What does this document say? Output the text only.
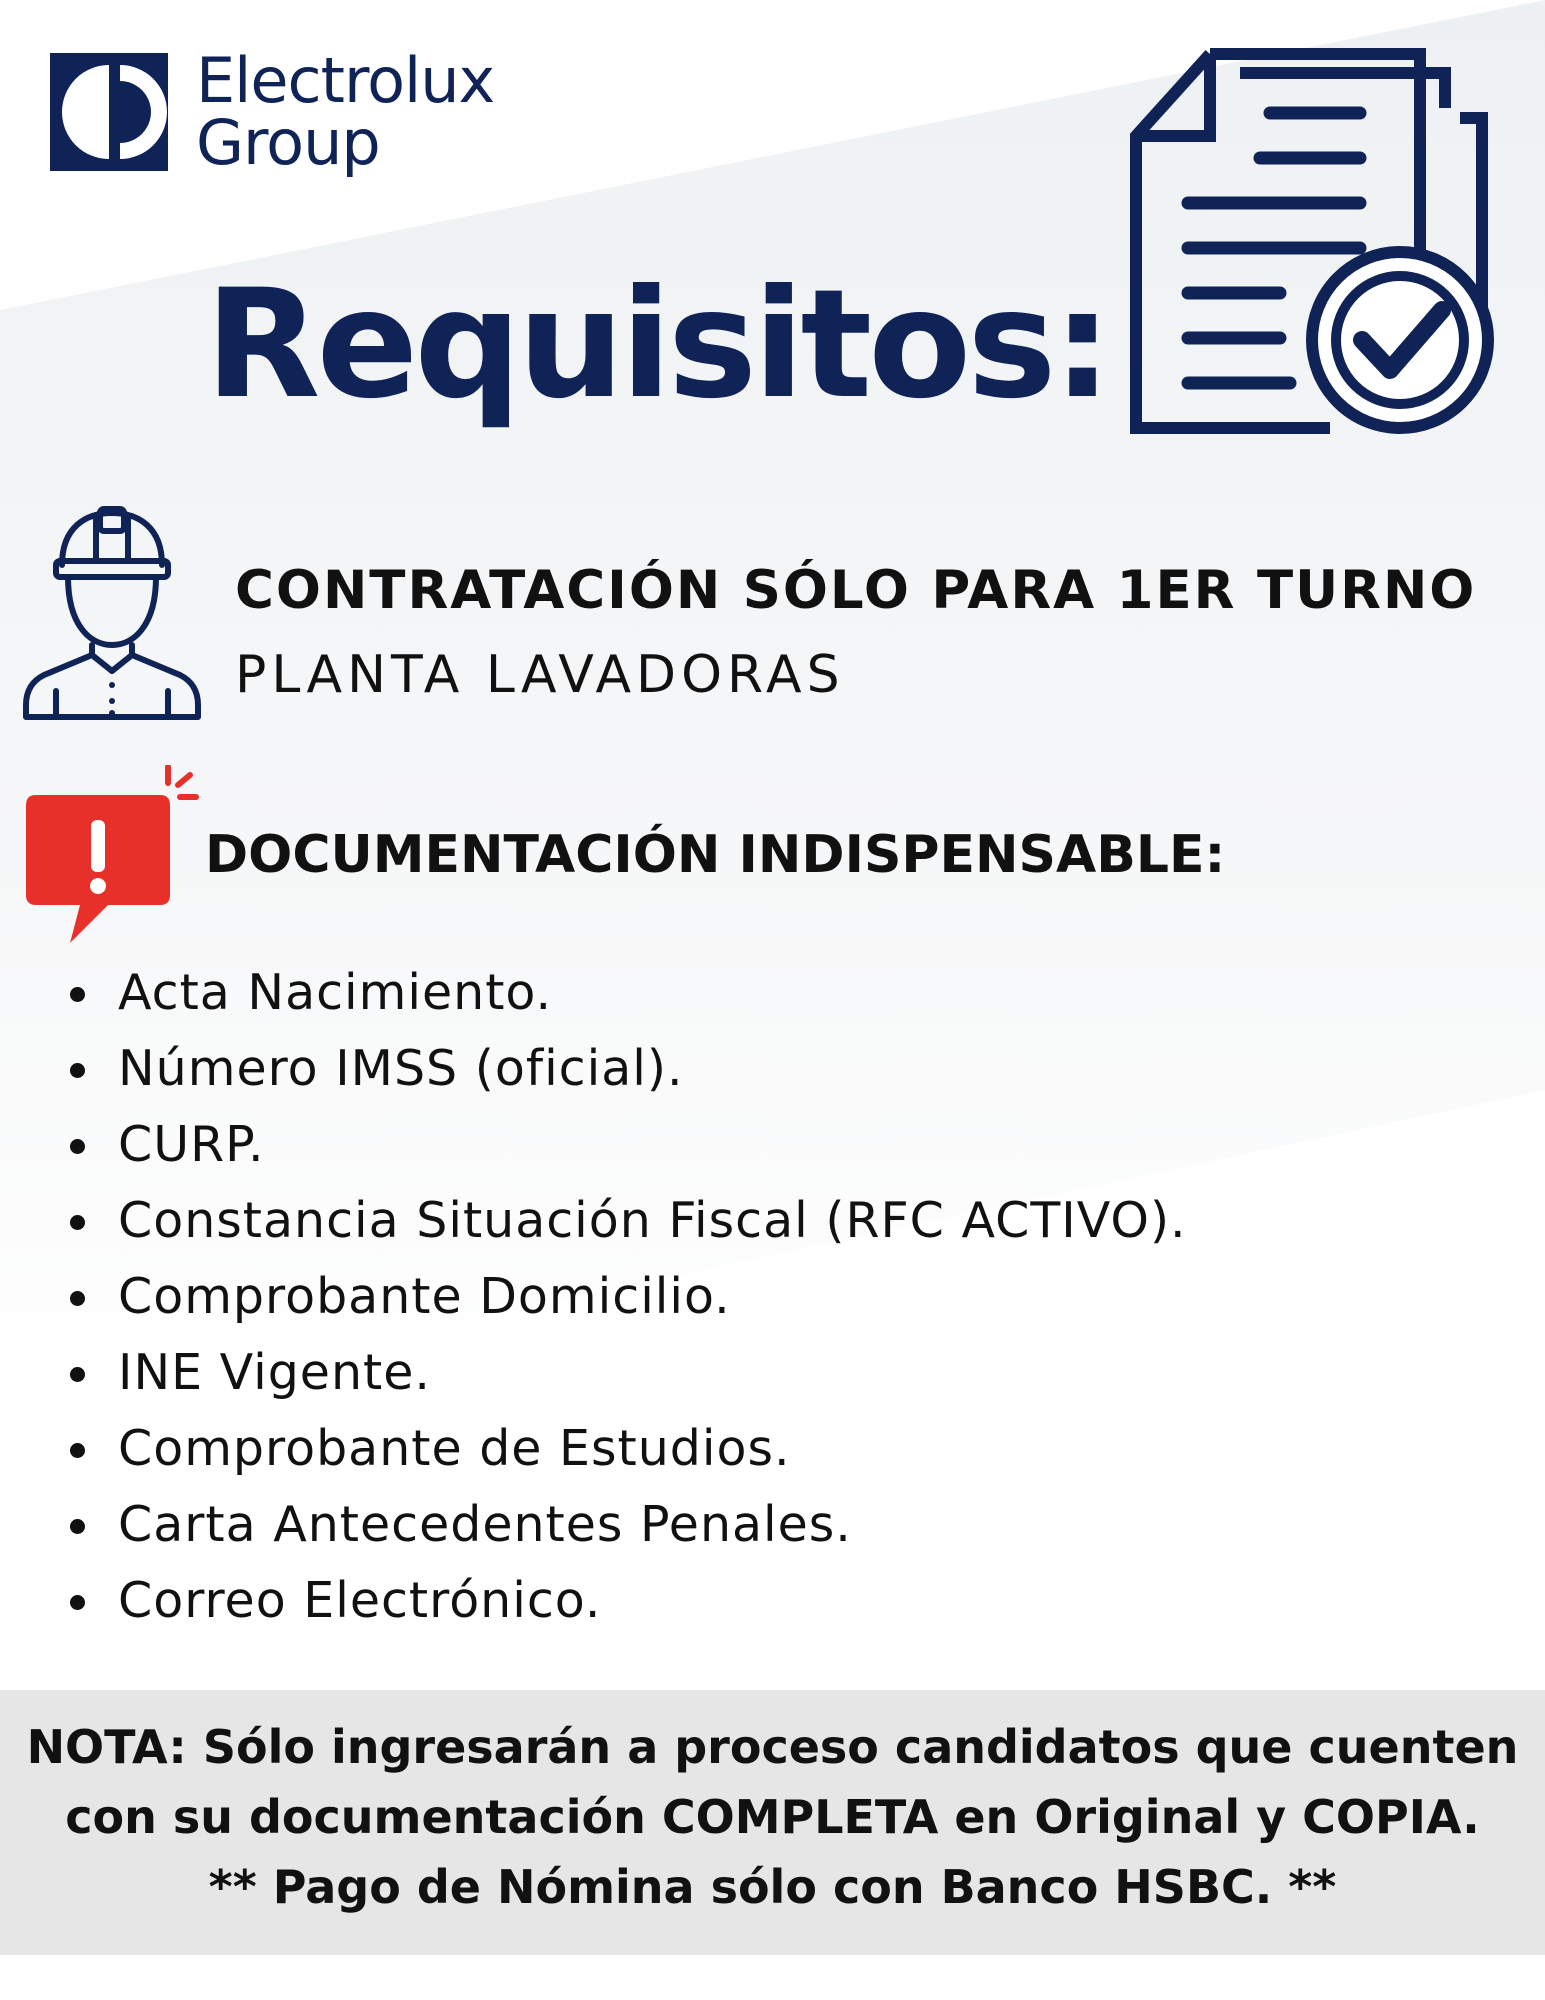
Electrolux
Group
Requisitos:
CONTRATACIÓN SÓLO PARA 1ER TURNO
PLANTA LAVADORAS
DOCUMENTACIÓN INDISPENSABLE:
Acta Nacimiento.
Número IMSS (oficial).
CURP.
Constancia Situación Fiscal (RFC ACTIVO).
Comprobante Domicilio.
INE Vigente.
Comprobante de Estudios.
Carta Antecedentes Penales.
Correo Electrónico.
NOTA: Sólo ingresarán a proceso candidatos que cuenten
con su documentación COMPLETA en Original y COPIA.
** Pago de Nómina sólo con Banco HSBC. **
